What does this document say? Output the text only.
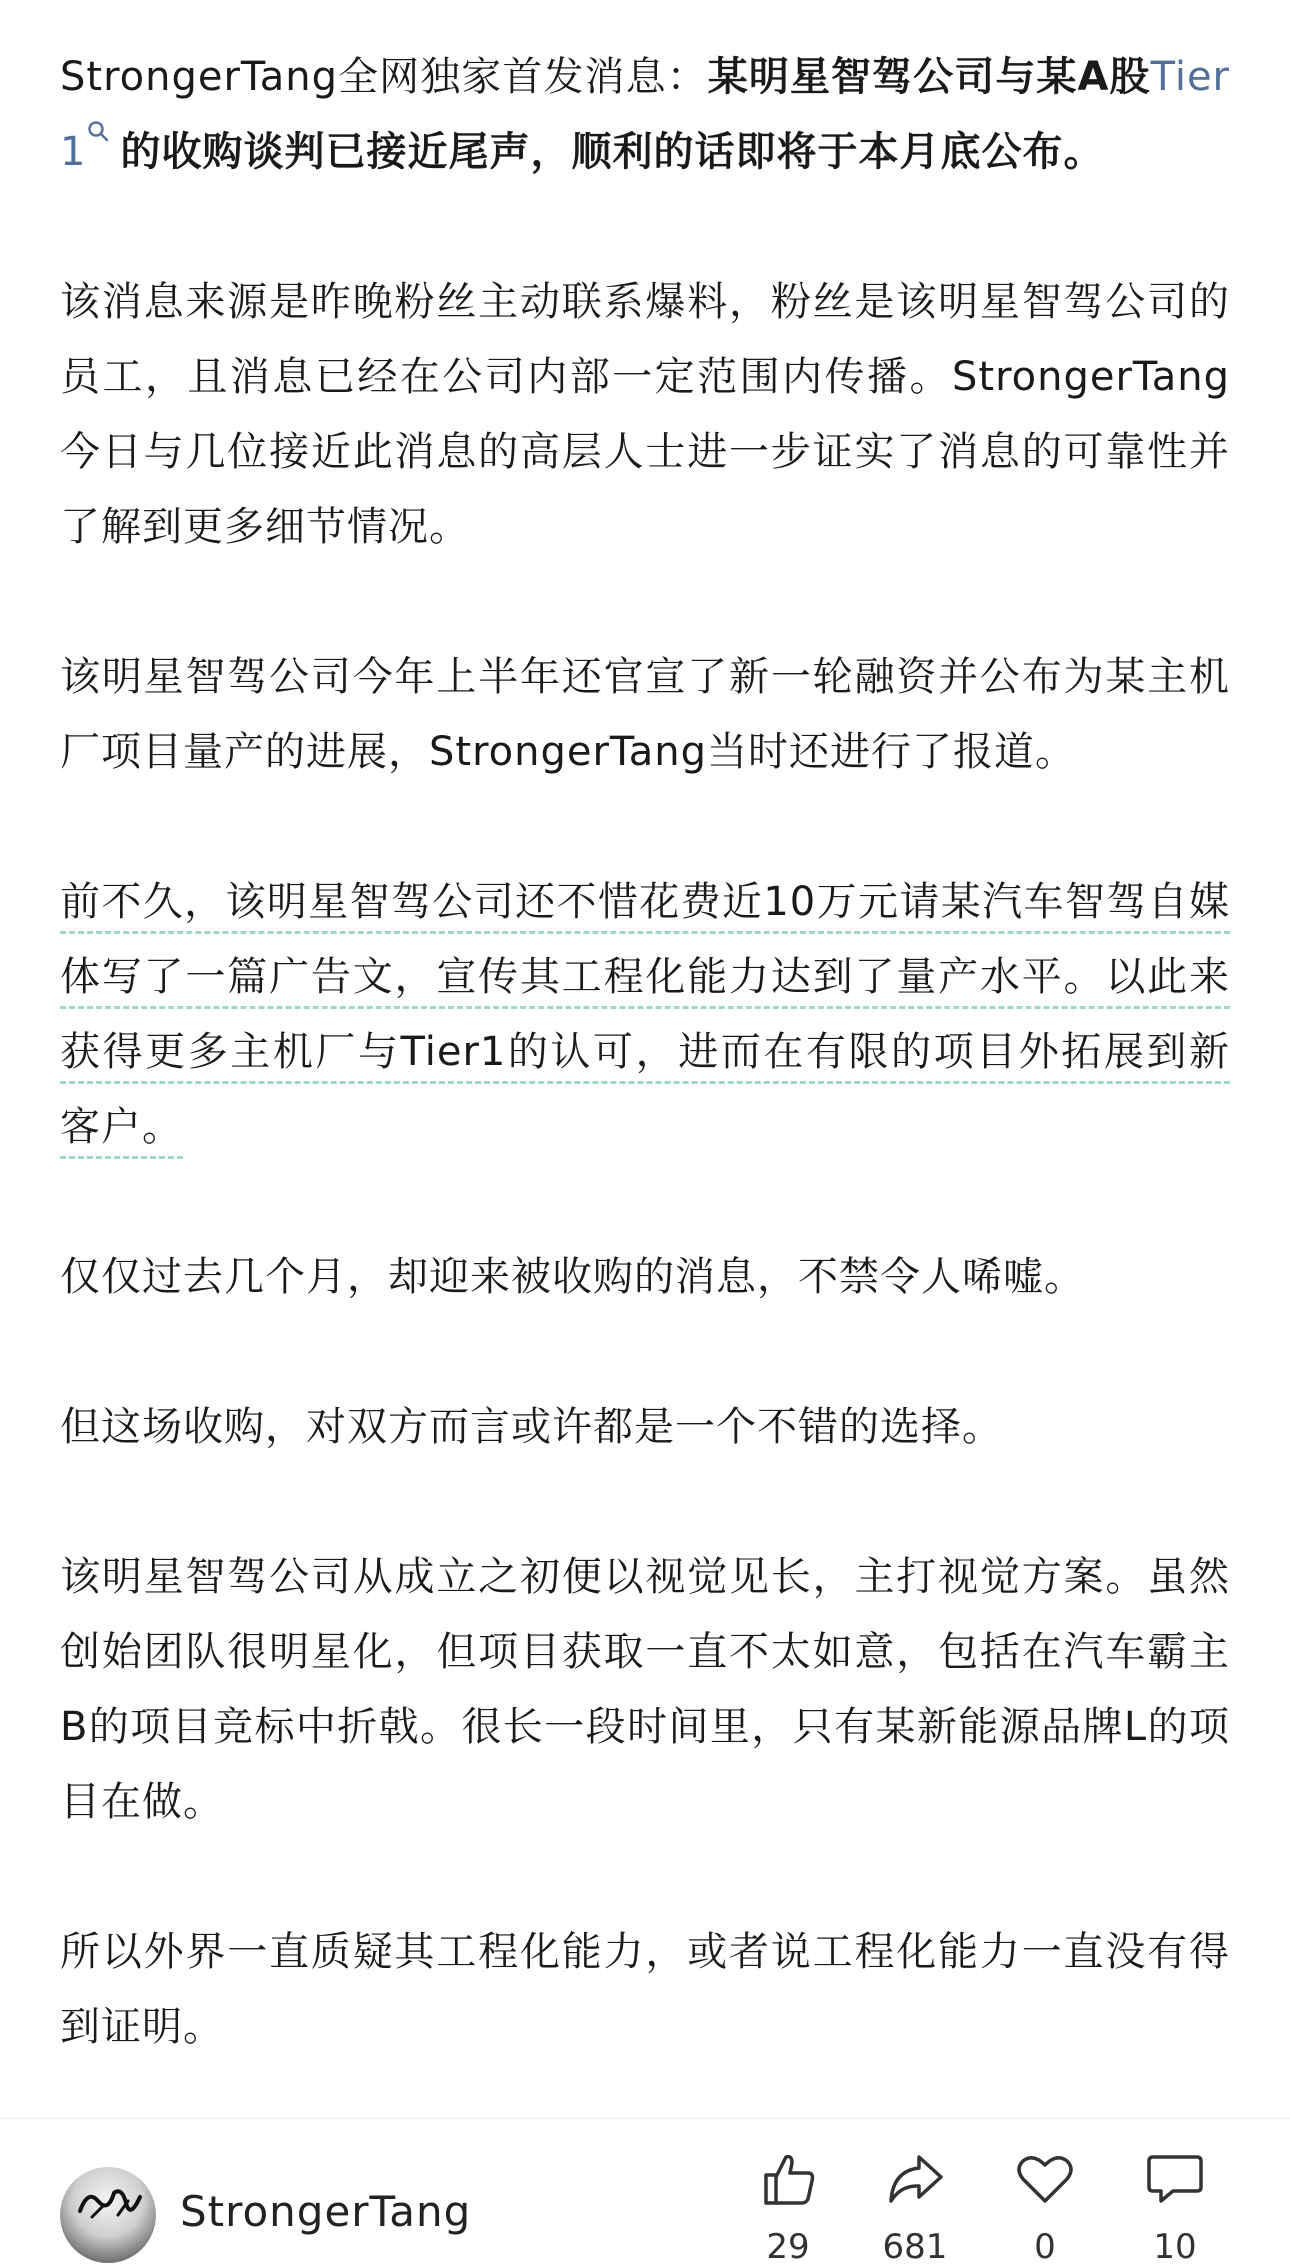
StrongerTang全网独家首发消息：某明星智驾公司与某A股Tier1 的收购谈判已接近尾声，顺利的话即将于本月底公布。

该消息来源是昨晚粉丝主动联系爆料，粉丝是该明星智驾公司的员工，且消息已经在公司内部一定范围内传播。StrongerTang今日与几位接近此消息的高层人士进一步证实了消息的可靠性并了解到更多细节情况。

该明星智驾公司今年上半年还官宣了新一轮融资并公布为某主机厂项目量产的进展，StrongerTang当时还进行了报道。

前不久，该明星智驾公司还不惜花费近10万元请某汽车智驾自媒体写了一篇广告文，宣传其工程化能力达到了量产水平。以此来获得更多主机厂与Tier1的认可，进而在有限的项目外拓展到新客户。

仅仅过去几个月，却迎来被收购的消息，不禁令人唏嘘。

但这场收购，对双方而言或许都是一个不错的选择。

该明星智驾公司从成立之初便以视觉见长，主打视觉方案。虽然创始团队很明星化，但项目获取一直不太如意，包括在汽车霸主B的项目竞标中折戟。很长一段时间里，只有某新能源品牌L的项目在做。

所以外界一直质疑其工程化能力，或者说工程化能力一直没有得到证明。

StrongerTang
29	681	0	10
